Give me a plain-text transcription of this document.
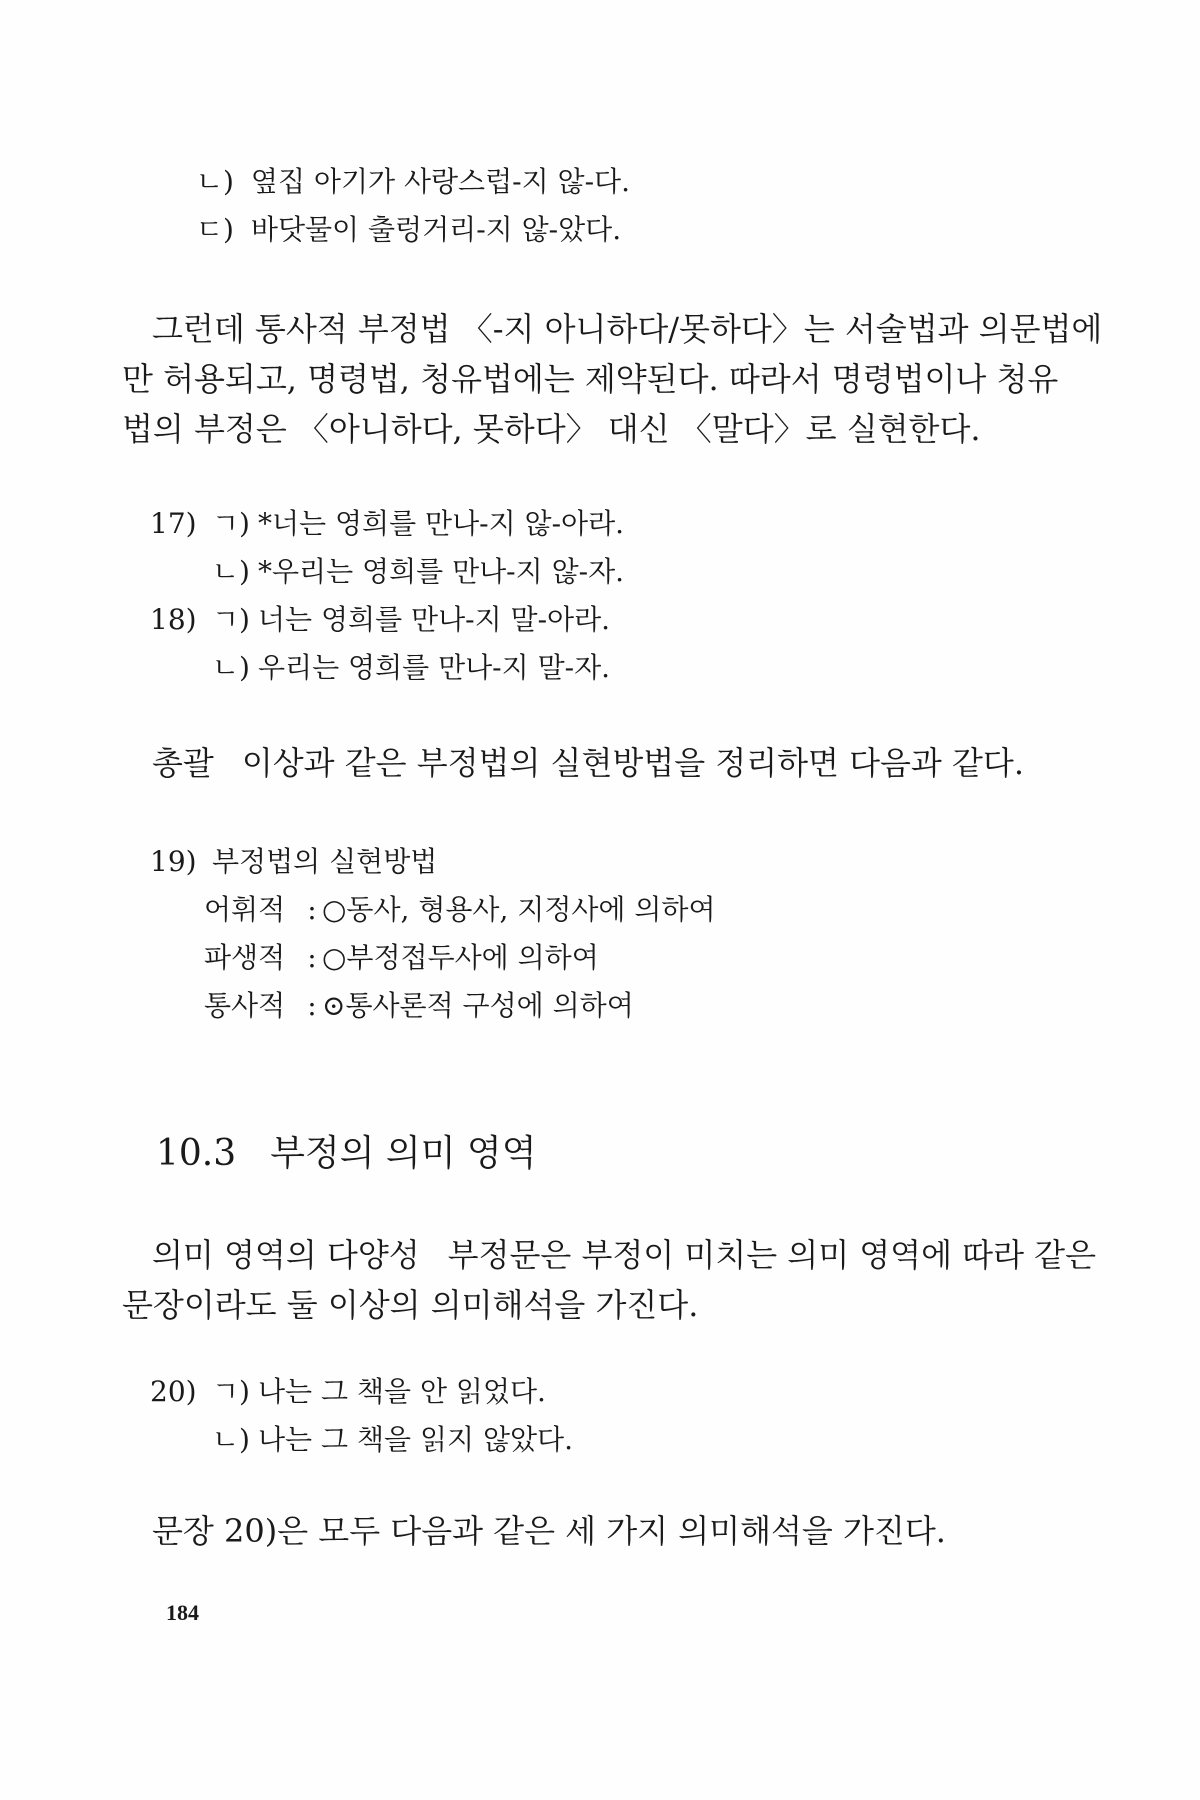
ㄴ) 옆집 아기가 사랑스럽-지 않-다.
ㄷ) 바닷물이 출렁거리-지 않-았다.
그런데 통사적 부정법 〈-지 아니하다/못하다〉는 서술법과 의문법에
만 허용되고, 명령법, 청유법에는 제약된다. 따라서 명령법이나 청유
법의 부정은 〈아니하다, 못하다〉 대신 〈말다〉로 실현한다.
17) ㄱ) *너는 영희를 만나-지 않-아라.
ㄴ) *우리는 영희를 만나-지 않-자.
18) ㄱ) 너는 영희를 만나-지 말-아라.
ㄴ) 우리는 영희를 만나-지 말-자.
총괄 이상과 같은 부정법의 실현방법을 정리하면 다음과 같다.
19) 부정법의 실현방법
어휘적 : ○동사, 형용사, 지정사에 의하여
파생적 : ○부정접두사에 의하여
통사적 : ⊙통사론적 구성에 의하여
10.3 부정의 의미 영역
의미 영역의 다양성 부정문은 부정이 미치는 의미 영역에 따라 같은
문장이라도 둘 이상의 의미해석을 가진다.
20) ㄱ) 나는 그 책을 안 읽었다.
ㄴ) 나는 그 책을 읽지 않았다.
문장 20)은 모두 다음과 같은 세 가지 의미해석을 가진다.
184
